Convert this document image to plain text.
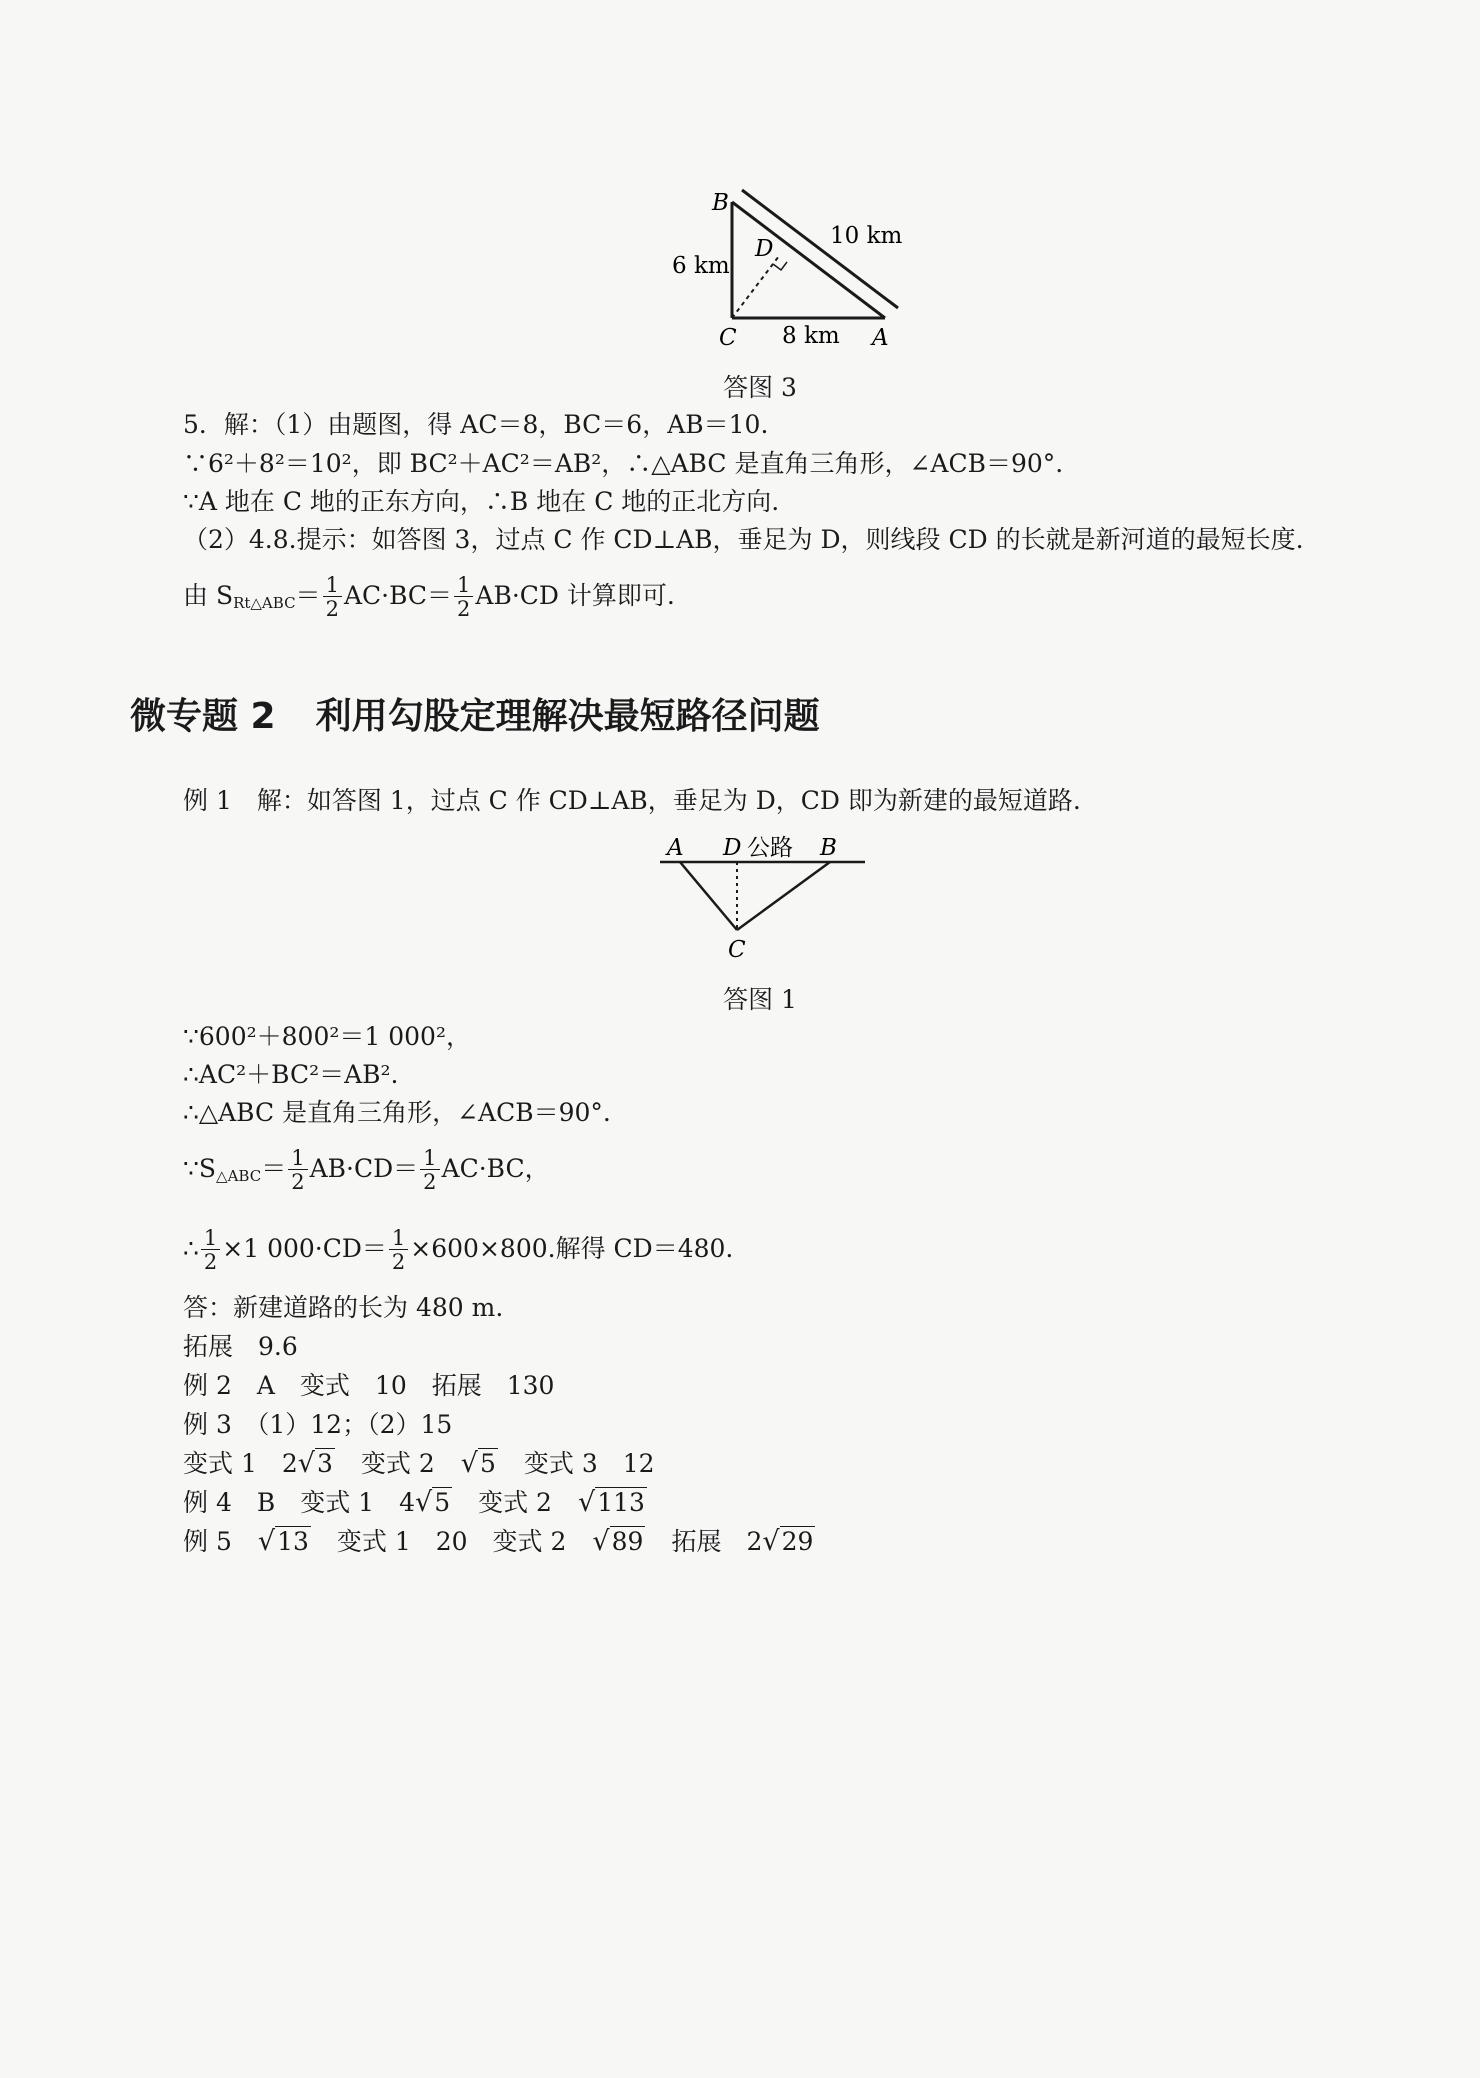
B
D
C	A
6 km
8 km
10 km
答图 3
5．解：（1）由题图，得 AC＝8，BC＝6，AB＝10.
∵6²＋8²＝10²，即 BC²＋AC²＝AB²，∴△ABC 是直角三角形，∠ACB＝90°.
∵A 地在 C 地的正东方向，∴B 地在 C 地的正北方向.
（2）4.8.提示：如答图 3，过点 C 作 CD⊥AB，垂足为 D，则线段 CD 的长就是新河道的最短长度.
由 $S_{Rt\triangle ABC}= \frac{1}{2} AC\cdot BC= \frac{1}{2} AB\cdot CD$ 计算即可.
微专题 2 利用勾股定理解决最短路径问题
例 1　解：如答图 1，过点 C 作 CD⊥AB，垂足为 D，CD 即为新建的最短道路.
A D 公路 B
C
答图 1
∵600²＋800²＝1 000²，
∴AC²＋BC²＝AB².
∴△ABC 是直角三角形，∠ACB＝90°.
$\because S_{\triangle ABC}= \frac{1}{2} AB\cdot CD= \frac{1}{2} AC\cdot BC$，
∴ $\frac{1}{2} \times 1$ $000\cdot CD= \frac{1}{2} \times 600\times 800$.解得 CD＝480.
答：新建道路的长为 480 m.
拓展　9.6
例 2　A　变式　10　拓展　130
例 3　（1）12；（2）15
变式 1　2√3 变式 2 √5 变式 3　12
例 4　B　变式 1　4√5 变式 2 √113
例 5 √13 变式 1　20　变式 2 √89 拓展　2√29
